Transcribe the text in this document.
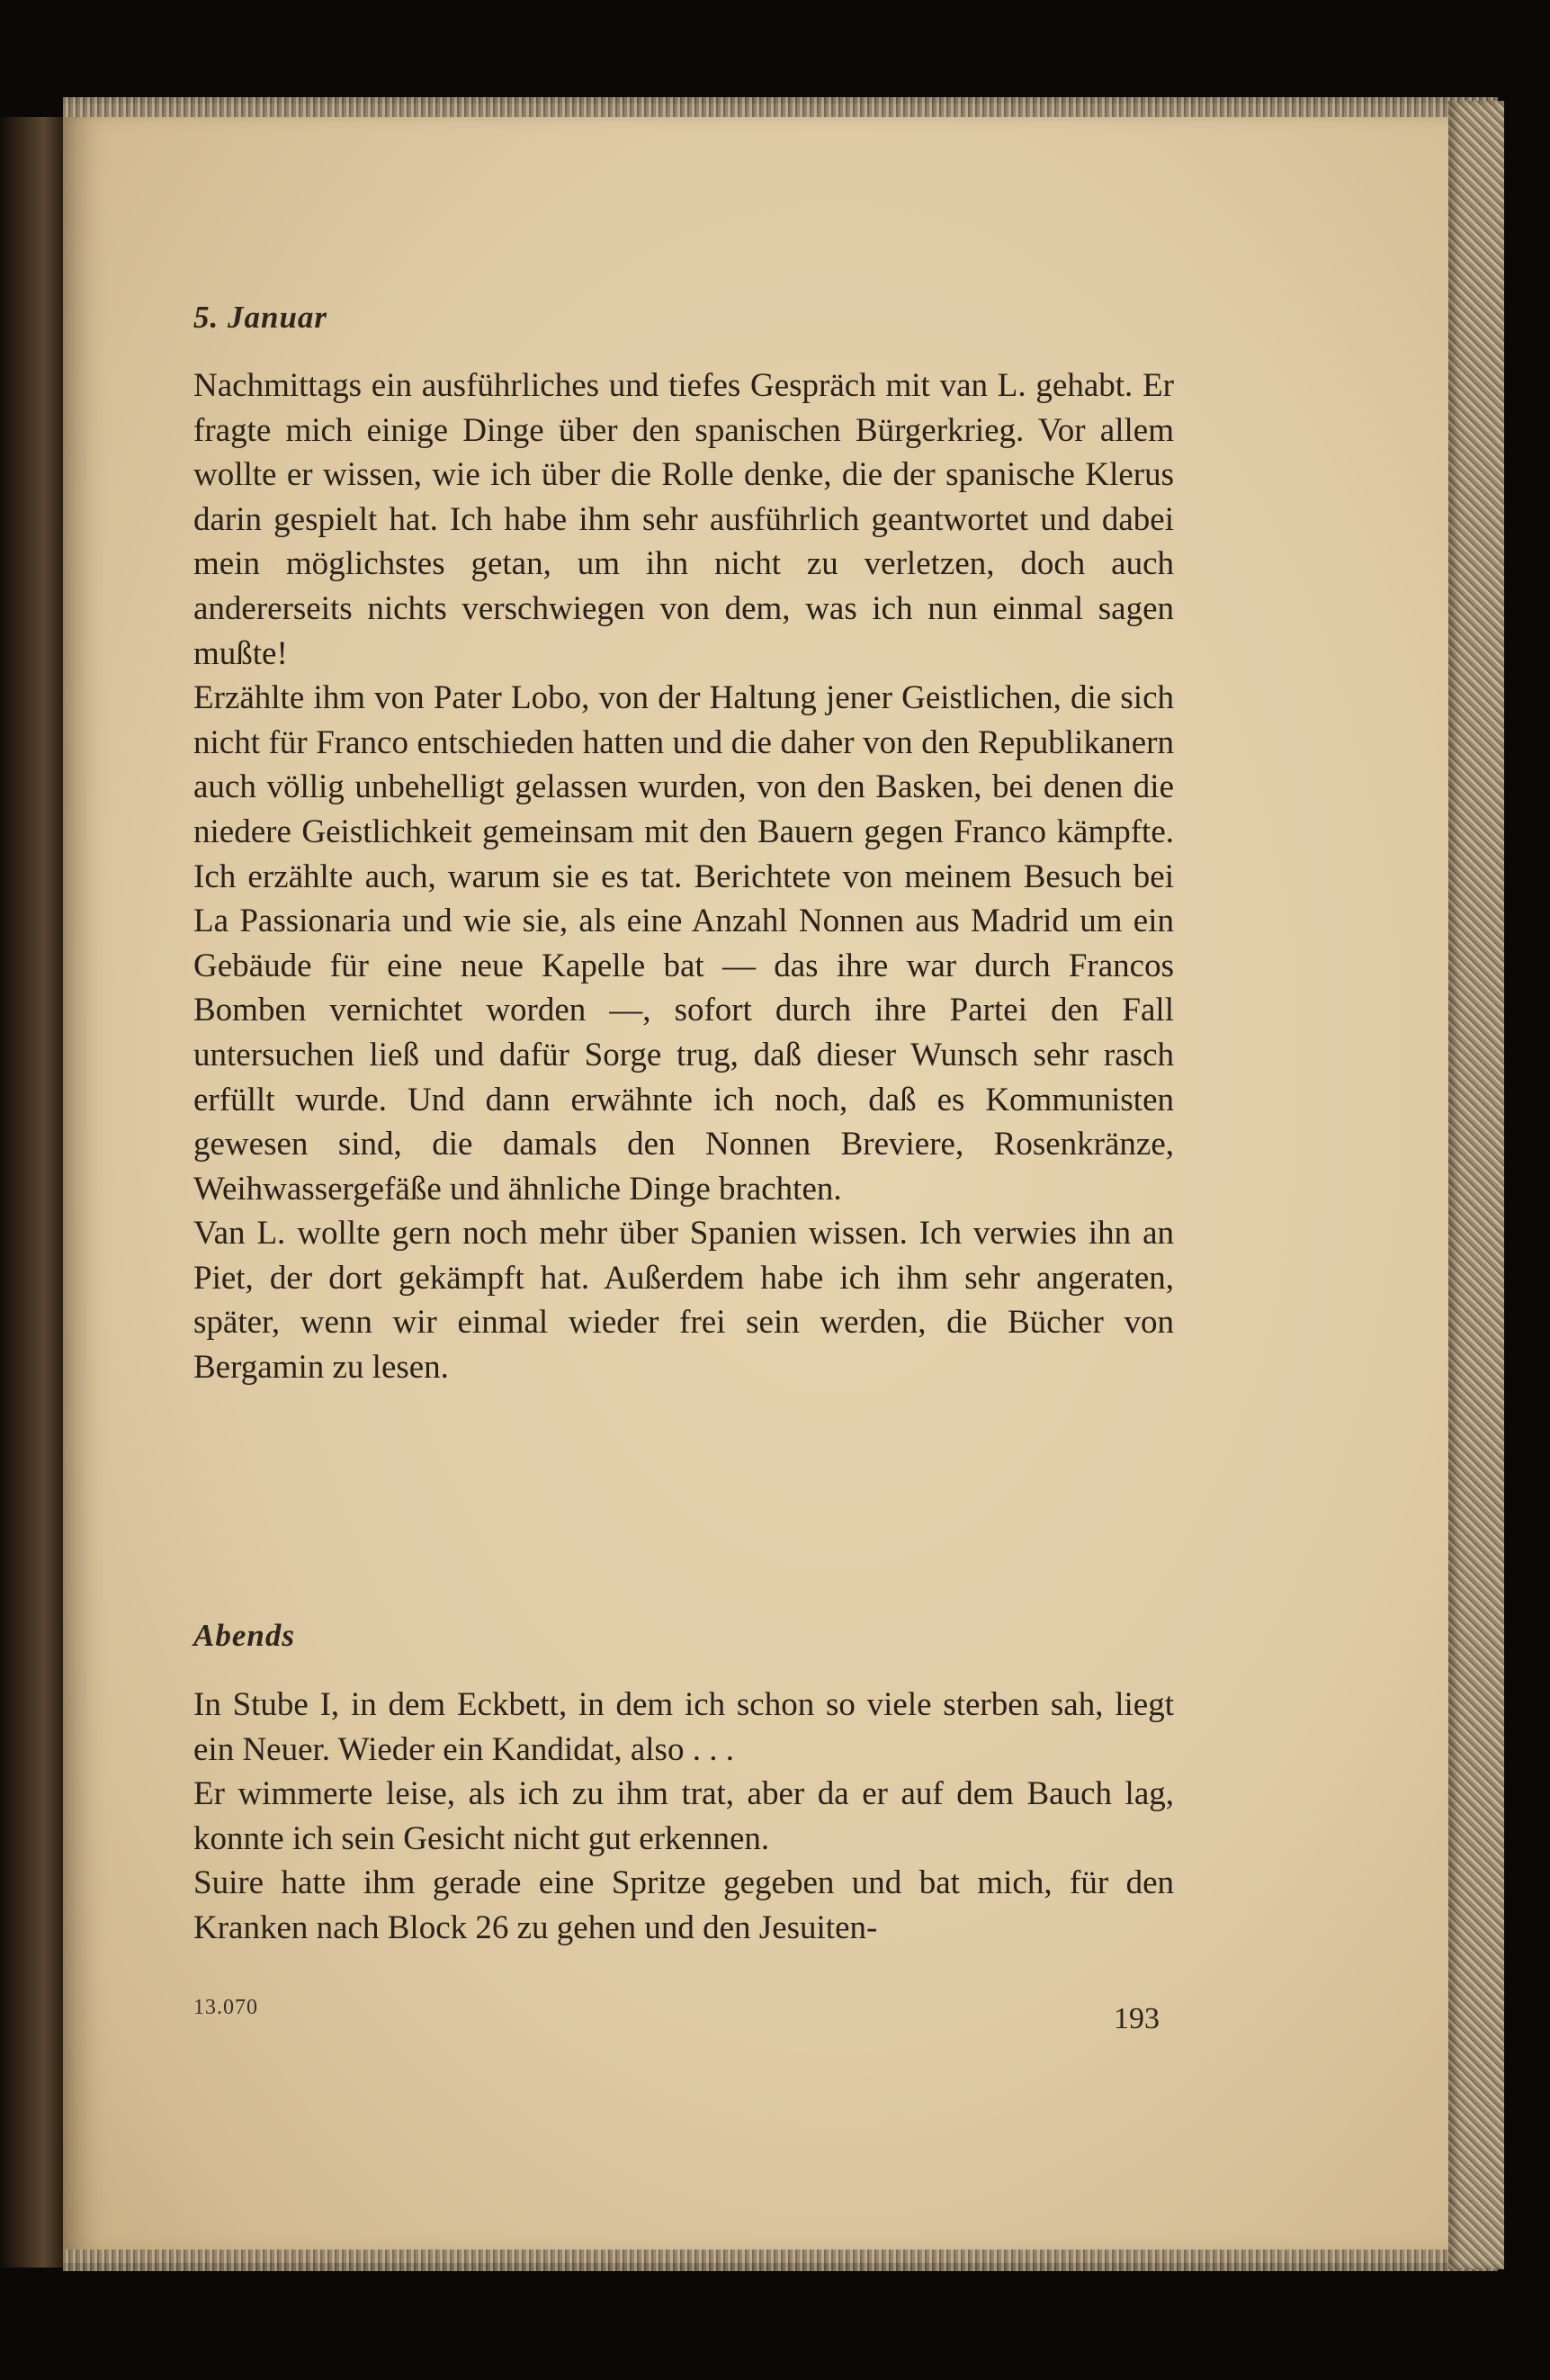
5. Januar

Nachmittags ein ausführliches und tiefes Gespräch mit van L. gehabt. Er fragte mich einige Dinge über den spanischen Bürgerkrieg. Vor allem wollte er wissen, wie ich über die Rolle denke, die der spanische Klerus darin gespielt hat. Ich habe ihm sehr ausführlich geantwortet und dabei mein möglichstes getan, um ihn nicht zu verletzen, doch auch andererseits nichts verschwiegen von dem, was ich nun einmal sagen mußte!

Erzählte ihm von Pater Lobo, von der Haltung jener Geistlichen, die sich nicht für Franco entschieden hatten und die daher von den Republikanern auch völlig unbehelligt gelassen wurden, von den Basken, bei denen die niedere Geistlichkeit gemeinsam mit den Bauern gegen Franco kämpfte. Ich erzählte auch, warum sie es tat. Berichtete von meinem Besuch bei La Passionaria und wie sie, als eine Anzahl Nonnen aus Madrid um ein Gebäude für eine neue Kapelle bat — das ihre war durch Francos Bomben vernichtet worden —, sofort durch ihre Partei den Fall untersuchen ließ und dafür Sorge trug, daß dieser Wunsch sehr rasch erfüllt wurde. Und dann erwähnte ich noch, daß es Kommunisten gewesen sind, die damals den Nonnen Breviere, Rosenkränze, Weihwassergefäße und ähnliche Dinge brachten.

Van L. wollte gern noch mehr über Spanien wissen. Ich verwies ihn an Piet, der dort gekämpft hat. Außerdem habe ich ihm sehr angeraten, später, wenn wir einmal wieder frei sein werden, die Bücher von Bergamin zu lesen.

Abends

In Stube I, in dem Eckbett, in dem ich schon so viele sterben sah, liegt ein Neuer. Wieder ein Kandidat, also . . .

Er wimmerte leise, als ich zu ihm trat, aber da er auf dem Bauch lag, konnte ich sein Gesicht nicht gut erkennen.

Suire hatte ihm gerade eine Spritze gegeben und bat mich, für den Kranken nach Block 26 zu gehen und den Jesuiten-

13.070	193
